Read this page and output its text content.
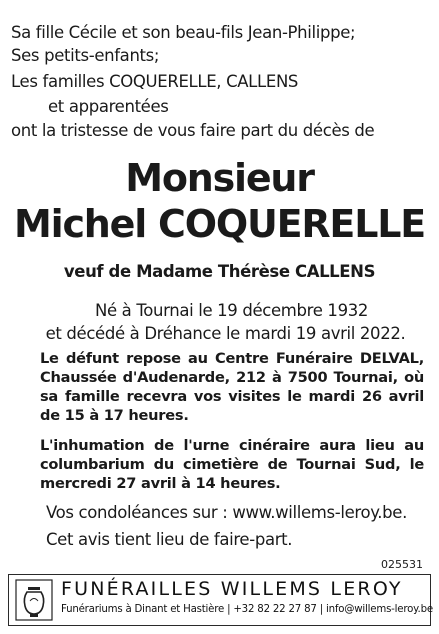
Sa fille Cécile et son beau-fils Jean-Philippe;
Ses petits-enfants;
Les familles COQUERELLE, CALLENS
et apparentées
ont la tristesse de vous faire part du décès de
Monsieur
Michel COQUERELLE
veuf de Madame Thérèse CALLENS
Né à Tournai le 19 décembre 1932
et décédé à Dréhance le mardi 19 avril 2022.
Le défunt repose au Centre Funéraire DELVAL, Chaussée d'Audenarde, 212 à 7500 Tournai, où sa famille recevra vos visites le mardi 26 avril de 15 à 17 heures.
L'inhumation de l'urne cinéraire aura lieu au columbarium du cimetière de Tournai Sud, le mercredi 27 avril à 14 heures.
Vos condoléances sur : www.willems-leroy.be.
Cet avis tient lieu de faire-part.
025531
FUNÉRAILLES WILLEMS LEROY
Funérariums à Dinant et Hastière | +32 82 22 27 87 | info@willems-leroy.be
